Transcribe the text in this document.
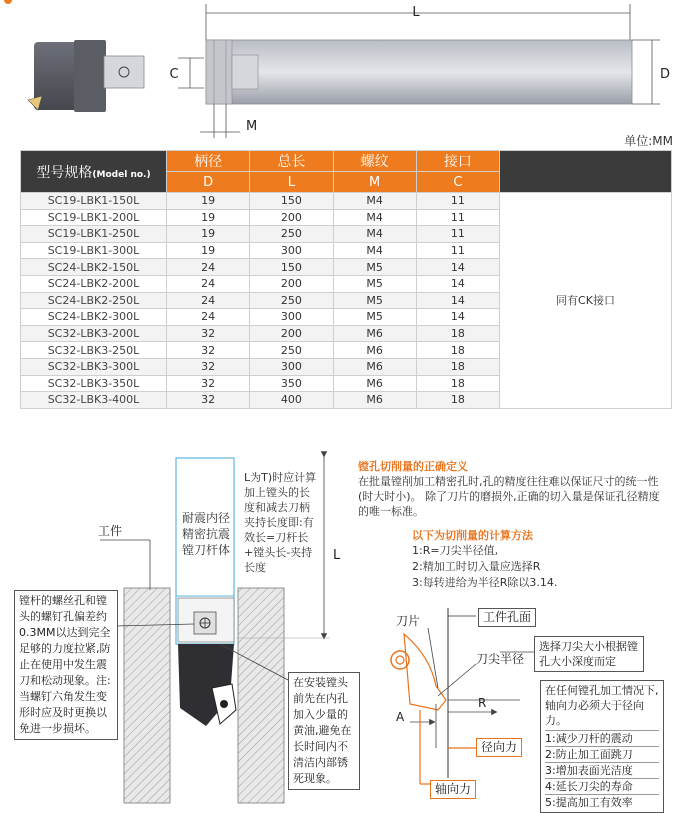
L
C	D
M
单位:MM
型号规格(Model no.)	柄径	总长	螺纹	接口	
	D	L	M	C	
SC19-LBK1-150L	19	150	M4	11	同有CK接口
SC19-LBK1-200L	19	200	M4	11	
SC19-LBK1-250L	19	250	M4	11	
SC19-LBK1-300L	19	300	M4	11	
SC24-LBK2-150L	24	150	M5	14	
SC24-LBK2-200L	24	200	M5	14	
SC24-LBK2-250L	24	250	M5	14	
SC24-LBK2-300L	24	300	M5	14	
SC32-LBK3-200L	32	200	M6	18	
SC32-LBK3-250L	32	250	M6	18	
SC32-LBK3-300L	32	300	M6	18	
SC32-LBK3-350L	32	350	M6	18	
SC32-LBK3-400L	32	400	M6	18	
耐震内径精密抗震镗刀杆体
L为T)时应计算加上镗头的长度和减去刀柄夹持长度即:有效长=刀杆长+镗头长-夹持长度
L
工件
镗杆的螺丝孔和镗头的螺钉孔偏差约0.3MM以达到完全足够的力度拉紧,防止在使用中发生震刀和松动现象。注:当螺钉六角发生变形时应及时更换以免进一步损坏。
在安装镗头前先在内孔加入少量的黄油,避免在长时间内不清洁内部锈死现象。
镗孔切削量的正确定义
在批量镗削加工精密孔时,孔的精度往往难以保证尺寸的统一性(时大时小)。 除了刀片的磨损外,正确的切入量是保证孔径精度的唯一标准。
以下为切削量的计算方法
1:R=刀尖半径值,
2:精加工时切入量应选择R
3:每转进给为半径R除以3.14.
刀片	工件孔面
刀尖半径
选择刀尖大小根据镗孔大小深度而定
R
A
径向力
轴向力
在任何镗孔加工情况下,轴向力必须大于径向力。
1:减少刀杆的震动
2:防止加工面跳刀
3:增加表面光洁度
4:延长刀尖的寿命
5:提高加工有效率
